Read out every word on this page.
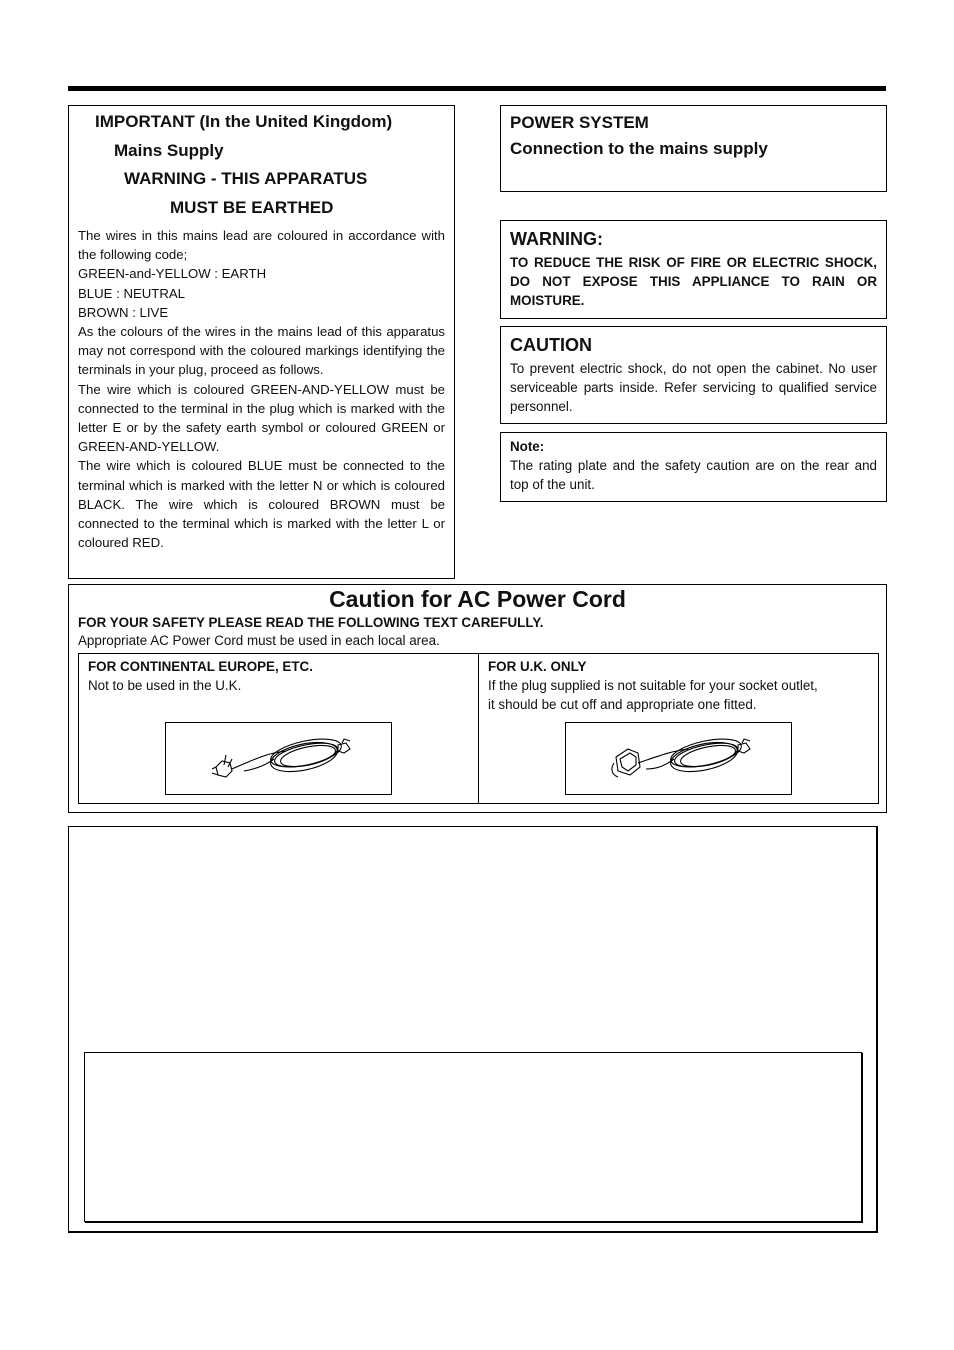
IMPORTANT (In the United Kingdom)
Mains Supply
WARNING - THIS APPARATUS
MUST BE EARTHED

The wires in this mains lead are coloured in accordance with the following code;

GREEN-and-YELLOW : EARTH

BLUE : NEUTRAL

BROWN : LIVE

As the colours of the wires in the mains lead of this apparatus may not correspond with the coloured markings identifying the terminals in your plug, proceed as follows.

The wire which is coloured GREEN-AND-YELLOW must be connected to the terminal in the plug which is marked with the letter E or by the safety earth symbol or coloured GREEN or GREEN-AND-YELLOW.

The wire which is coloured BLUE must be connected to the terminal which is marked with the letter N or which is coloured BLACK. The wire which is coloured BROWN must be connected to the terminal which is marked with the letter L or coloured RED.

POWER SYSTEM
Connection to the mains supply
WARNING:
TO REDUCE THE RISK OF FIRE OR ELECTRIC SHOCK, DO NOT EXPOSE THIS APPLIANCE TO RAIN OR MOISTURE.
CAUTION
To prevent electric shock, do not open the cabinet. No user serviceable parts inside. Refer servicing to qualified service personnel.
Note:
The rating plate and the safety caution are on the rear and top of the unit.
Caution for AC Power Cord
FOR YOUR SAFETY PLEASE READ THE FOLLOWING TEXT CAREFULLY.
Appropriate AC Power Cord must be used in each local area.
FOR CONTINENTAL EUROPE, ETC.
Not to be used in the U.K.
FOR U.K. ONLY
If the plug supplied is not suitable for your socket outlet,
it should be cut off and appropriate one fitted.
